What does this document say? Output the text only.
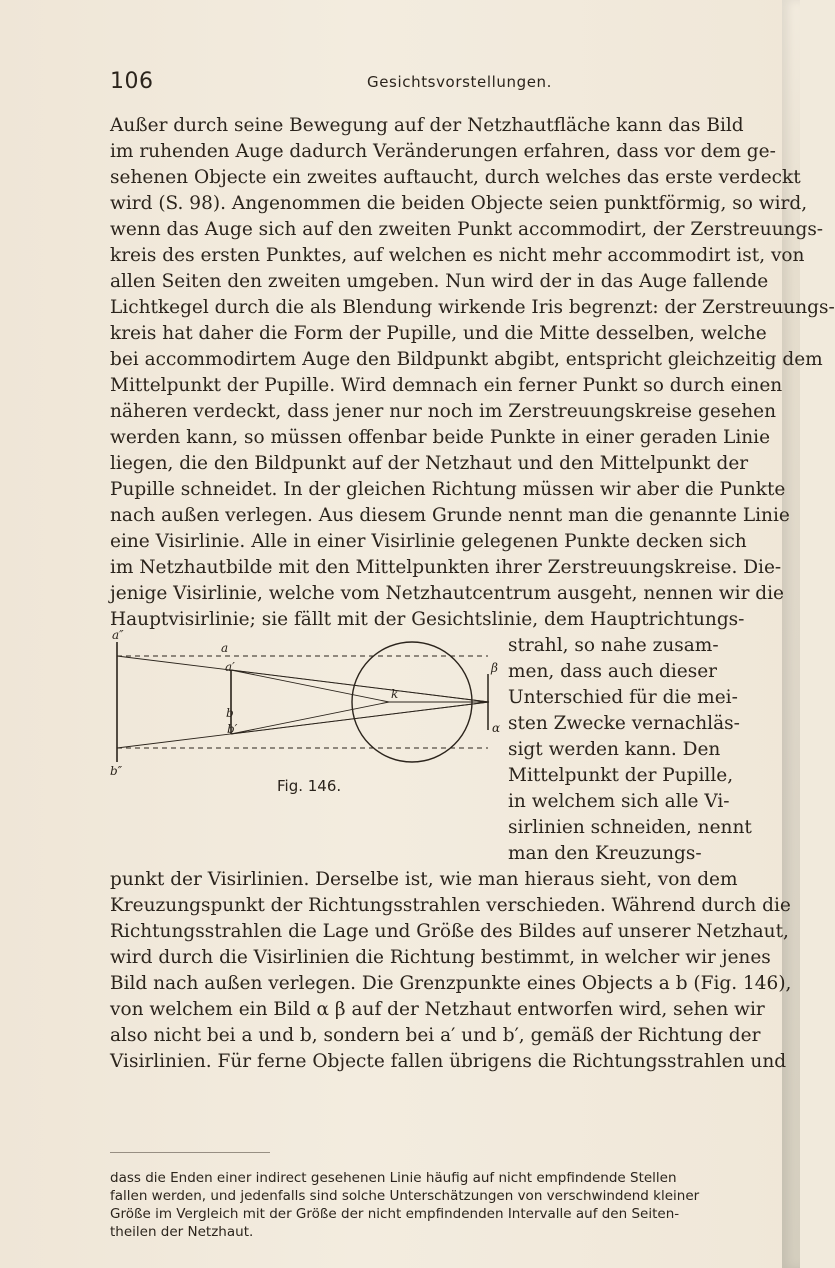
106	Gesichtsvorstellungen.
Außer durch seine Bewegung auf der Netzhautfläche kann das Bild
im ruhenden Auge dadurch Veränderungen erfahren, dass vor dem ge-
sehenen Objecte ein zweites auftaucht, durch welches das erste verdeckt
wird (S. 98). Angenommen die beiden Objecte seien punktförmig, so wird,
wenn das Auge sich auf den zweiten Punkt accommodirt, der Zerstreuungs-
kreis des ersten Punktes, auf welchen es nicht mehr accommodirt ist, von
allen Seiten den zweiten umgeben. Nun wird der in das Auge fallende
Lichtkegel durch die als Blendung wirkende Iris begrenzt: der Zerstreuungs-
kreis hat daher die Form der Pupille, und die Mitte desselben, welche
bei accommodirtem Auge den Bildpunkt abgibt, entspricht gleichzeitig dem
Mittelpunkt der Pupille. Wird demnach ein ferner Punkt so durch einen
näheren verdeckt, dass jener nur noch im Zerstreuungskreise gesehen
werden kann, so müssen offenbar beide Punkte in einer geraden Linie
liegen, die den Bildpunkt auf der Netzhaut und den Mittelpunkt der
Pupille schneidet. In der gleichen Richtung müssen wir aber die Punkte
nach außen verlegen. Aus diesem Grunde nennt man die genannte Linie
eine Visirlinie. Alle in einer Visirlinie gelegenen Punkte decken sich
im Netzhautbilde mit den Mittelpunkten ihrer Zerstreuungskreise. Die-
jenige Visirlinie, welche vom Netzhautcentrum ausgeht, nennen wir die
Hauptvisirlinie; sie fällt mit der Gesichtslinie, dem Hauptrichtungs-
strahl, so nahe zusam-
men, dass auch dieser
Unterschied für die mei-
sten Zwecke vernachläs-
sigt werden kann. Den
Mittelpunkt der Pupille,
in welchem sich alle Vi-
sirlinien schneiden, nennt
man den Kreuzungs-
punkt der Visirlinien. Derselbe ist, wie man hieraus sieht, von dem
Kreuzungspunkt der Richtungsstrahlen verschieden. Während durch die
Richtungsstrahlen die Lage und Größe des Bildes auf unserer Netzhaut,
wird durch die Visirlinien die Richtung bestimmt, in welcher wir jenes
Bild nach außen verlegen. Die Grenzpunkte eines Objects a b (Fig. 146),
von welchem ein Bild α β auf der Netzhaut entworfen wird, sehen wir
also nicht bei a und b, sondern bei a′ und b′, gemäß der Richtung der
Visirlinien. Für ferne Objecte fallen übrigens die Richtungsstrahlen und
a″
a
a′
b
b′
b″
β
α
k
Fig. 146.
dass die Enden einer indirect gesehenen Linie häufig auf nicht empfindende Stellen
fallen werden, und jedenfalls sind solche Unterschätzungen von verschwindend kleiner
Größe im Vergleich mit der Größe der nicht empfindenden Intervalle auf den Seiten-
theilen der Netzhaut.
